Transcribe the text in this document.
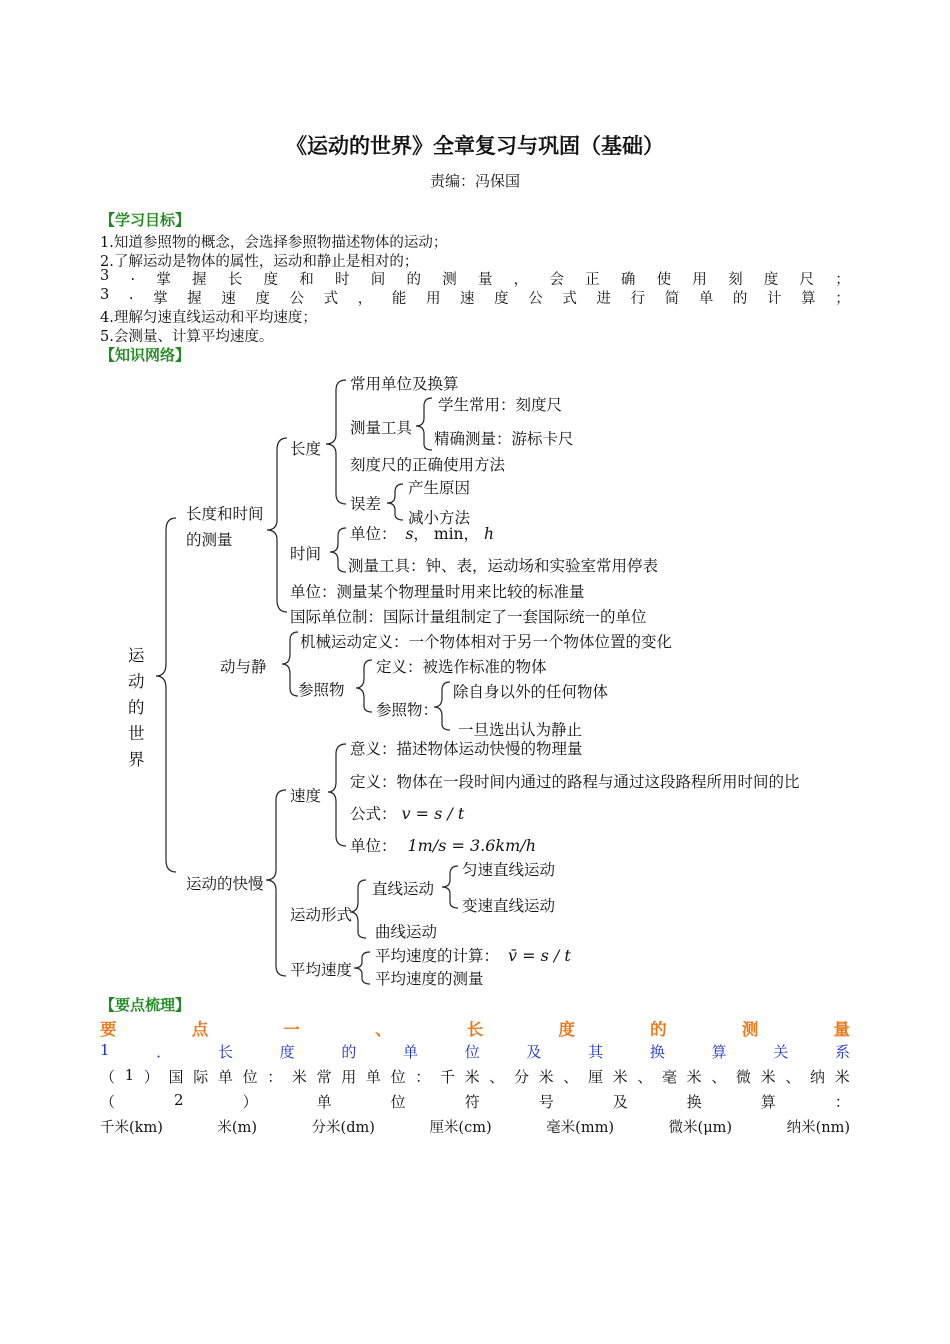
《运动的世界》全章复习与巩固（基础）
责编：冯保国
【学习目标】
1.知道参照物的概念，会选择参照物描述物体的运动；
2.了解运动是物体的属性，运动和静止是相对的；
3 . 掌 握 长 度 和 时 间 的 测 量 ， 会 正 确 使 用 刻 度 尺 ；
3 . 掌 握 速 度 公 式 ， 能 用 速 度 公 式 进 行 简 单 的 计 算 ；
4.理解匀速直线运动和平均速度；
5.会测量、计算平均速度。
【知识网络】
运动的世界
长度和时间的测量
长度
常用单位及换算
测量工具
学生常用：刻度尺
精确测量：游标卡尺
刻度尺的正确使用方法
误差
产生原因
减小方法
时间
单位： s， min， h
测量工具：钟、表，运动场和实验室常用停表
单位：测量某个物理量时用来比较的标准量
国际单位制：国际计量组制定了一套国际统一的单位
动与静
机械运动定义：一个物体相对于另一个物体位置的变化
参照物
定义：被选作标准的物体
参照物：
除自身以外的任何物体
一旦选出认为静止
运动的快慢
速度
意义：描述物体运动快慢的物理量
定义：物体在一段时间内通过的路程与通过这段路程所用时间的比
公式： v = s / t
单位： 1m/s = 3.6km/h
运动形式
直线运动
匀速直线运动
变速直线运动
曲线运动
平均速度
平均速度的计算： v̄ = s / t
平均速度的测量
【要点梳理】
要	点	一	、	长	度	的	测	量
1	．	长	度	的	单	位	及	其	换	算	关	系
（ 1 ） 国 际 单 位 ： 米 常 用 单 位 ： 千 米 、 分 米 、 厘 米 、 毫 米 、 微 米 、 纳 米
（	2	）	单	位	符	号	及	换	算	：
千米(km)	米(m)	分米(dm)	厘米(cm)	毫米(mm)	微米(μm)	纳米(nm)
